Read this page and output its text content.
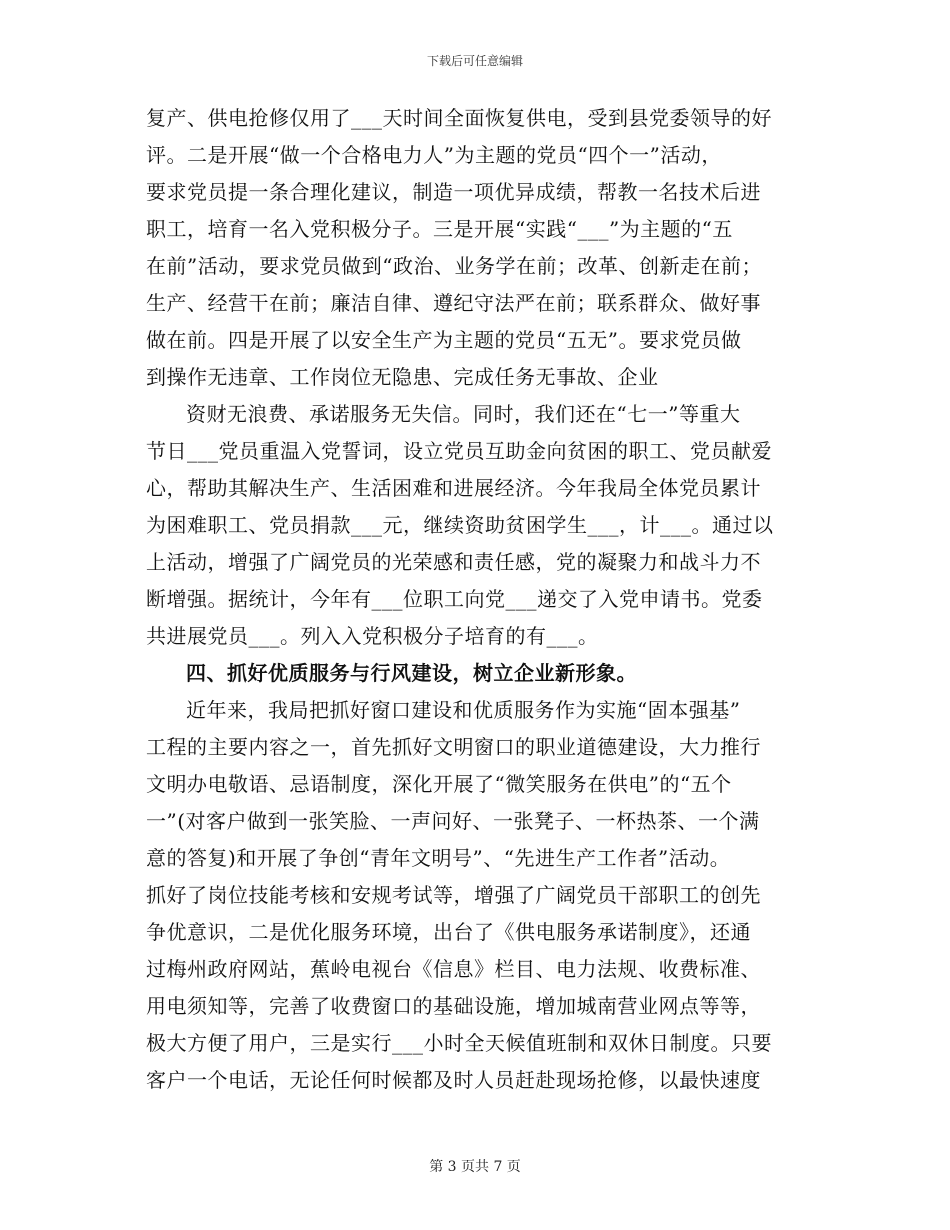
下载后可任意编辑
复产、供电抢修仅用了___天时间全面恢复供电，受到县党委领导的好
评。二是开展“做一个合格电力人”为主题的党员“四个一”活动，
要求党员提一条合理化建议，制造一项优异成绩，帮教一名技术后进
职工，培育一名入党积极分子。三是开展“实践“___”为主题的“五
在前”活动，要求党员做到“政治、业务学在前；改革、创新走在前；
生产、经营干在前；廉洁自律、遵纪守法严在前；联系群众、做好事
做在前。四是开展了以安全生产为主题的党员“五无”。要求党员做
到操作无违章、工作岗位无隐患、完成任务无事故、企业
资财无浪费、承诺服务无失信。同时，我们还在“七一”等重大
节日___党员重温入党誓词，设立党员互助金向贫困的职工、党员献爱
心，帮助其解决生产、生活困难和进展经济。今年我局全体党员累计
为困难职工、党员捐款___元，继续资助贫困学生___，计___。通过以
上活动，增强了广阔党员的光荣感和责任感，党的凝聚力和战斗力不
断增强。据统计，今年有___位职工向党___递交了入党申请书。党委
共进展党员___。列入入党积极分子培育的有___。
四、抓好优质服务与行风建设，树立企业新形象。
近年来，我局把抓好窗口建设和优质服务作为实施“固本强基”
工程的主要内容之一，首先抓好文明窗口的职业道德建设，大力推行
文明办电敬语、忌语制度，深化开展了“微笑服务在供电”的“五个
一”(对客户做到一张笑脸、一声问好、一张凳子、一杯热茶、一个满
意的答复)和开展了争创“青年文明号”、“先进生产工作者”活动。
抓好了岗位技能考核和安规考试等，增强了广阔党员干部职工的创先
争优意识，二是优化服务环境，出台了《供电服务承诺制度》，还通
过梅州政府网站，蕉岭电视台《信息》栏目、电力法规、收费标准、
用电须知等，完善了收费窗口的基础设施，增加城南营业网点等等，
极大方便了用户，三是实行___小时全天候值班制和双休日制度。只要
客户一个电话，无论任何时候都及时人员赶赴现场抢修，以最快速度
第 3 页共 7 页
